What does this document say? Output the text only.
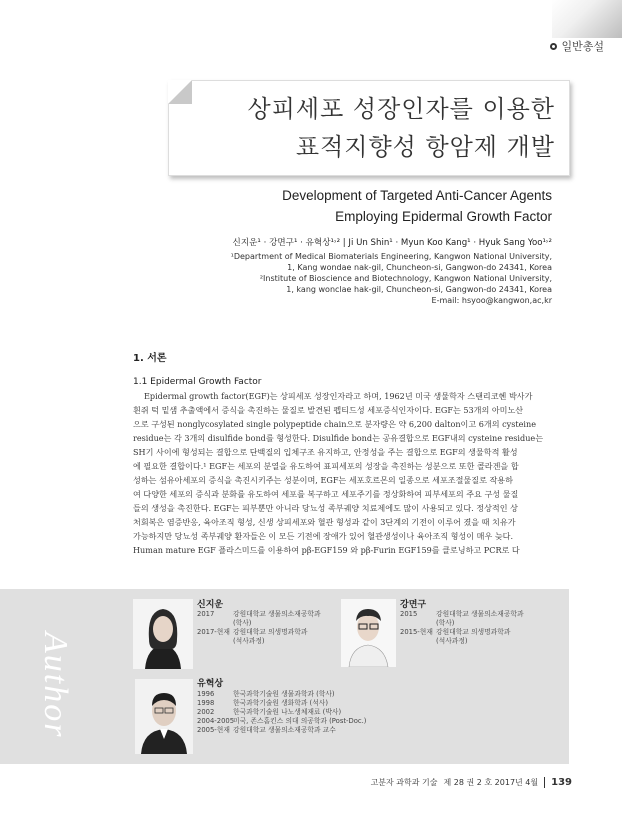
일반총설
상피세포 성장인자를 이용한
표적지향성 항암제 개발
Development of Targeted Anti-Cancer Agents
Employing Epidermal Growth Factor
신지운¹ · 강면구¹ · 유혁상¹˒² | Ji Un Shin¹ · Myun Koo Kang¹ · Hyuk Sang Yoo¹˒²
¹Department of Medical Biomaterials Engineering, Kangwon National University,
1, Kang wondae nak-gil, Chuncheon-si, Gangwon-do 24341, Korea
²Institute of Bioscience and Biotechnology, Kangwon National University,
1, kang wonclae hak-gil, Chuncheon-si, Gangwon-do 24341, Korea
E-mail: hsyoo@kangwon,ac,kr
1. 서론
1.1 Epidermal Growth Factor
Epidermal growth factor(EGF)는 상피세포 성장인자라고 하며, 1962년 미국 생물학자 스탠리코헨 박사가
흰쥐 턱 밑샘 추출액에서 증식을 촉진하는 물질로 발견된 펩티드성 세포증식인자이다. EGF는 53개의 아미노산
으로 구성된 nonglycosylated single polypeptide chain으로 분자량은 약 6,200 dalton이고 6개의 cysteine
residue는 각 3개의 disulfide bond를 형성한다. Disulfide bond는 공유결합으로 EGF내의 cysteine residue는
SH기 사이에 형성되는 결합으로 단백질의 입체구조 유지하고, 안정성을 주는 결합으로 EGF의 생물학적 활성
에 필요한 결합이다.¹ EGF는 세포의 분열을 유도하여 표피세포의 성장을 촉진하는 성분으로 또한 콜라겐을 합
성하는 섬유아세포의 증식을 촉진시키주는 성분이며, EGF는 세포호르몬의 일종으로 세포조절물질로 작용하
여 다양한 세포의 증식과 분화를 유도하여 세포를 복구하고 세포주기를 정상화하여 피부세포의 주요 구성 물질
들의 생성을 촉진한다. EGF는 피부뿐만 아니라 당뇨성 족부궤양 치료제에도 많이 사용되고 있다. 정상적인 상
처회복은 염증반응, 육아조직 형성, 신생 상피세포와 혈관 형성과 같이 3단계의 기전이 이루어 졌을 때 치유가
가능하지만 당뇨성 족부궤양 환자들은 이 모든 기전에 장애가 있어 혈관생성이나 육아조직 형성이 매우 늦다.
Human mature EGF 플라스미드를 이용하여 pβ-EGF159 와 pβ-Furin EGF159를 클로닝하고 PCR로 다
Author
신지운
2017	강원대학교 생물의소재공학과
(학사)
2017-현재 강원대학교 의생명과학과
(석사과정)
강면구
2015	강원대학교 생물의소재공학과
(학사)
2015-현재 강원대학교 의생명과학과
(석사과정)
유혁상
1996	한국과학기술원 생물과학과 (학사)
1998	한국과학기술원 생화학과 (석사)
2002	한국과학기술원 나노생체재료 (박사)
2004-2005미국, 존스홉킨스 의대 의공학과 (Post-Doc.)
2005-현재 강원대학교 생물의소재공학과 교수
고분자 과학과 기술 제 28 권 2 호 2017년 4월	139
